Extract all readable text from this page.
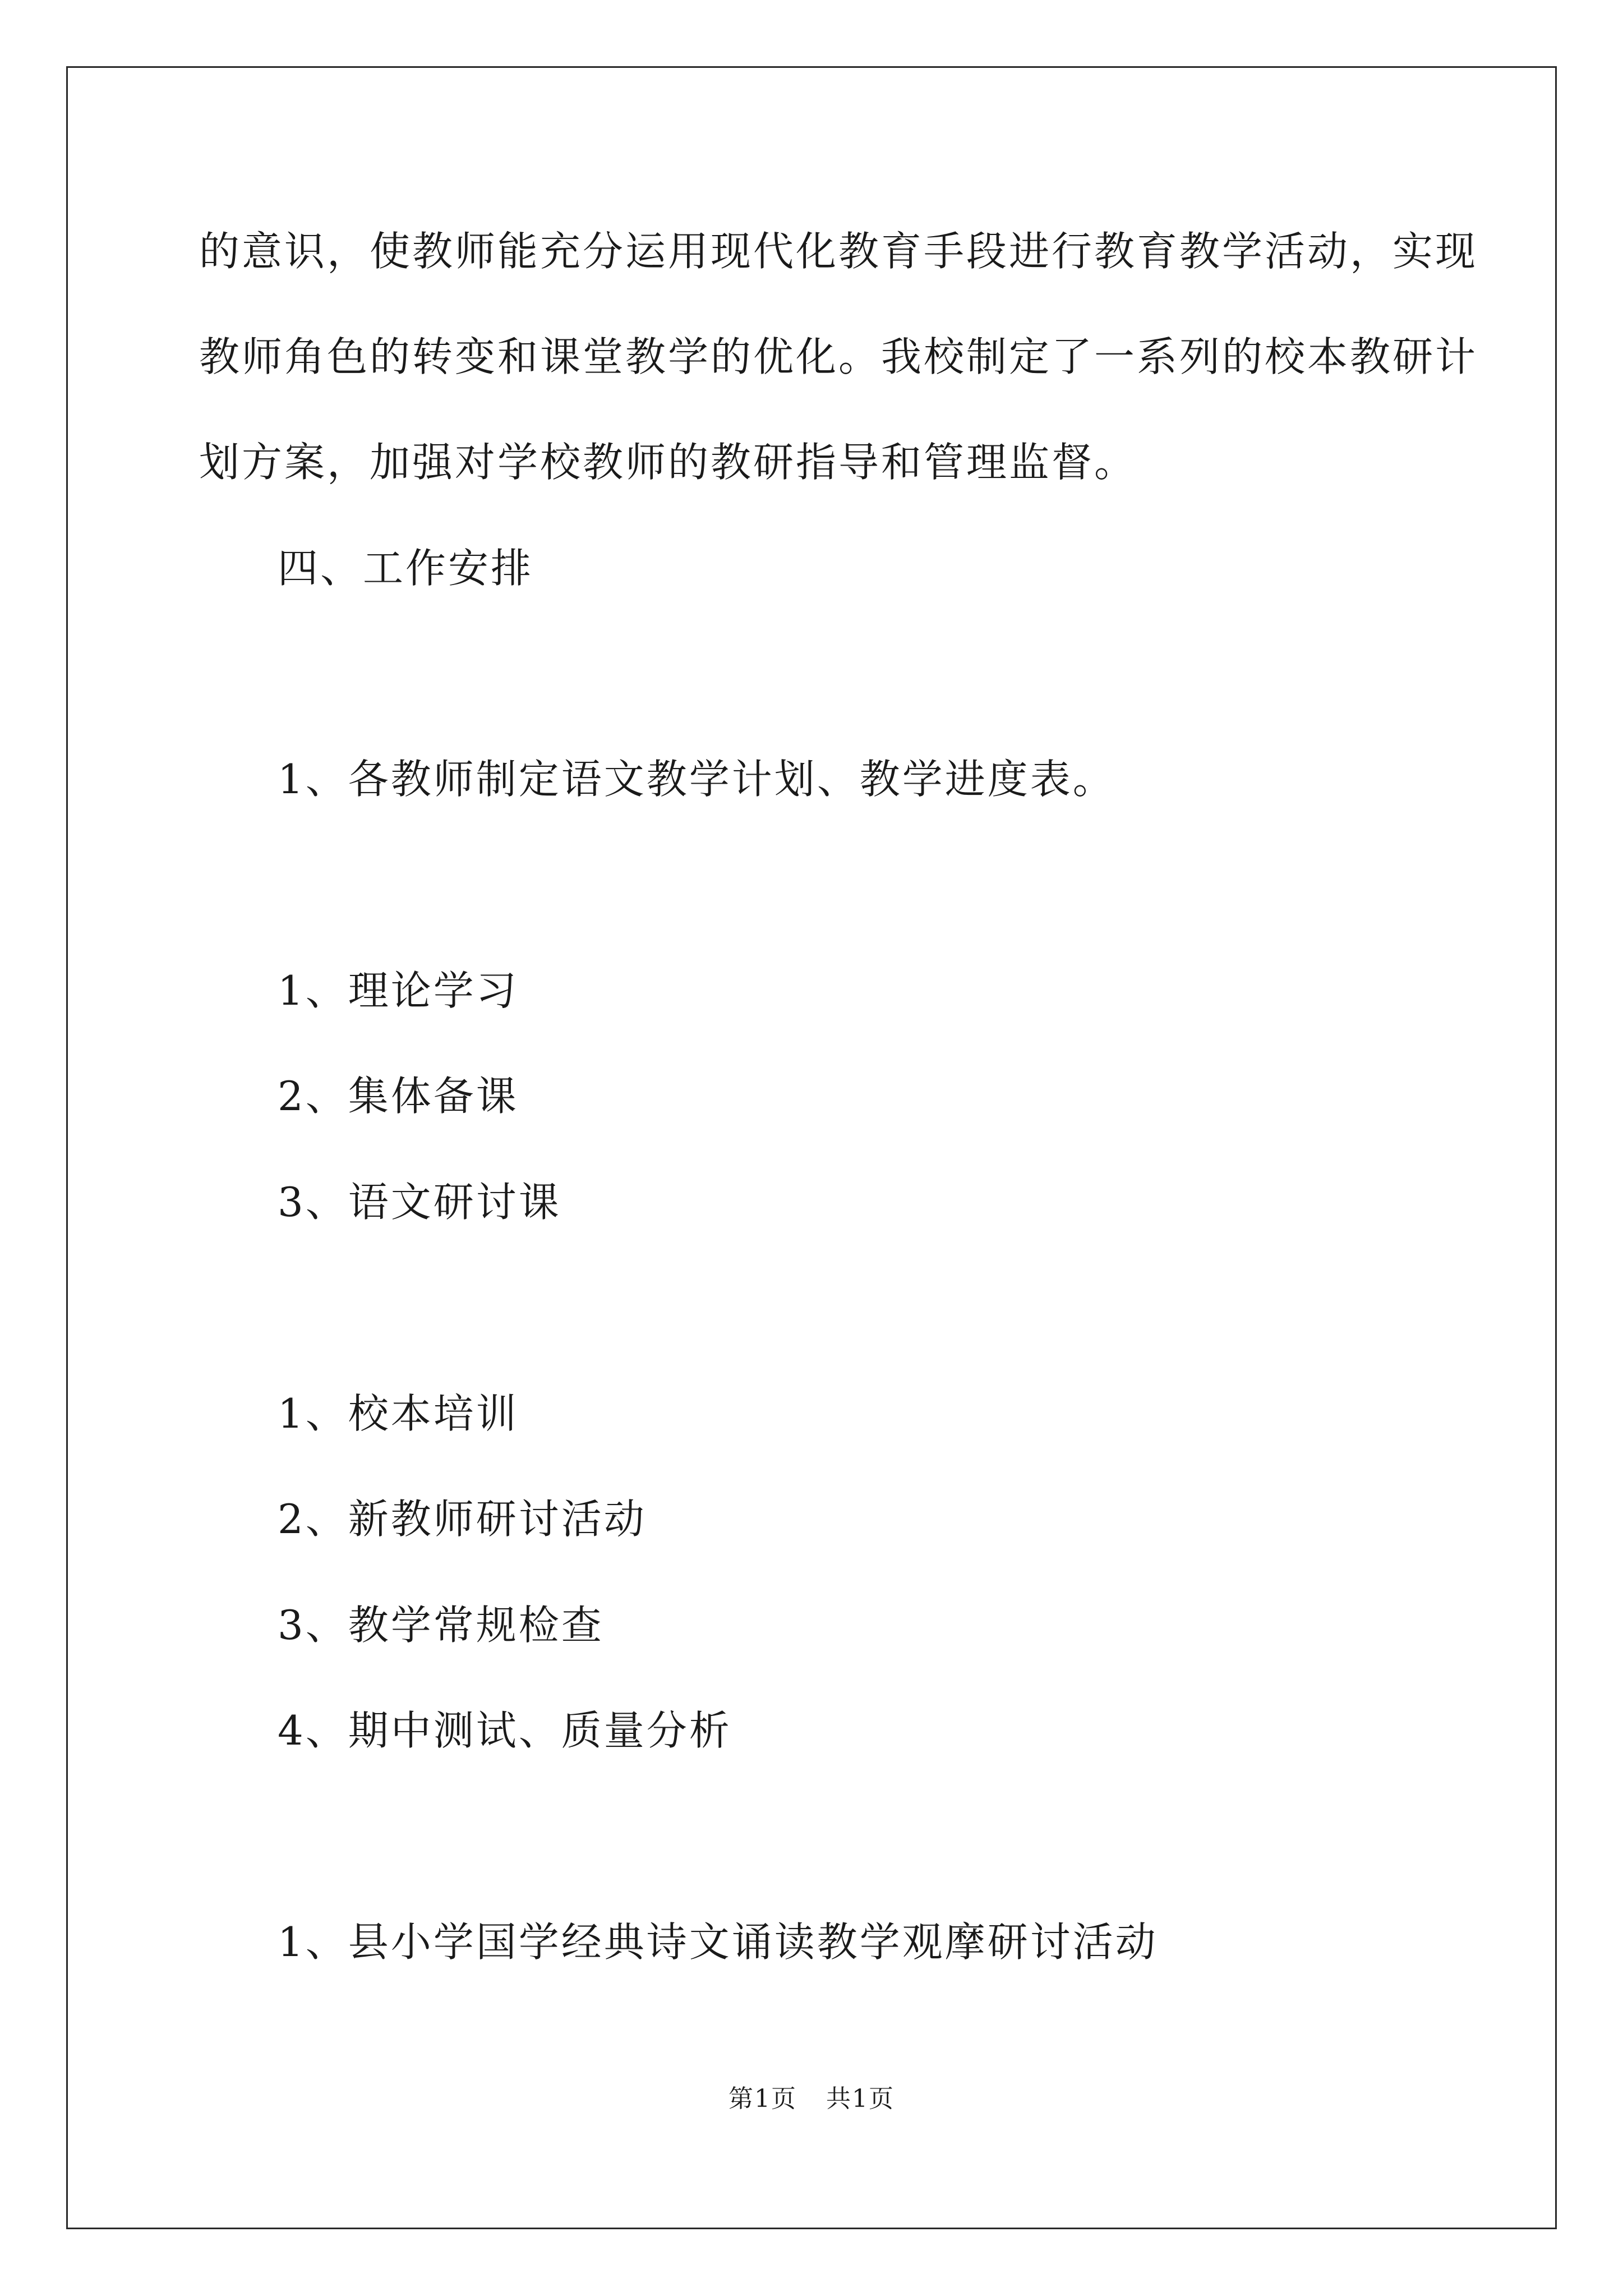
的意识，使教师能充分运用现代化教育手段进行教育教学活动，实现
教师角色的转变和课堂教学的优化。我校制定了一系列的校本教研计
划方案，加强对学校教师的教研指导和管理监督。
四、工作安排
1、各教师制定语文教学计划、教学进度表。
1、理论学习
2、集体备课
3、语文研讨课
1、校本培训
2、新教师研讨活动
3、教学常规检查
4、期中测试、质量分析
1、县小学国学经典诗文诵读教学观摩研讨活动
第1页 共1页
